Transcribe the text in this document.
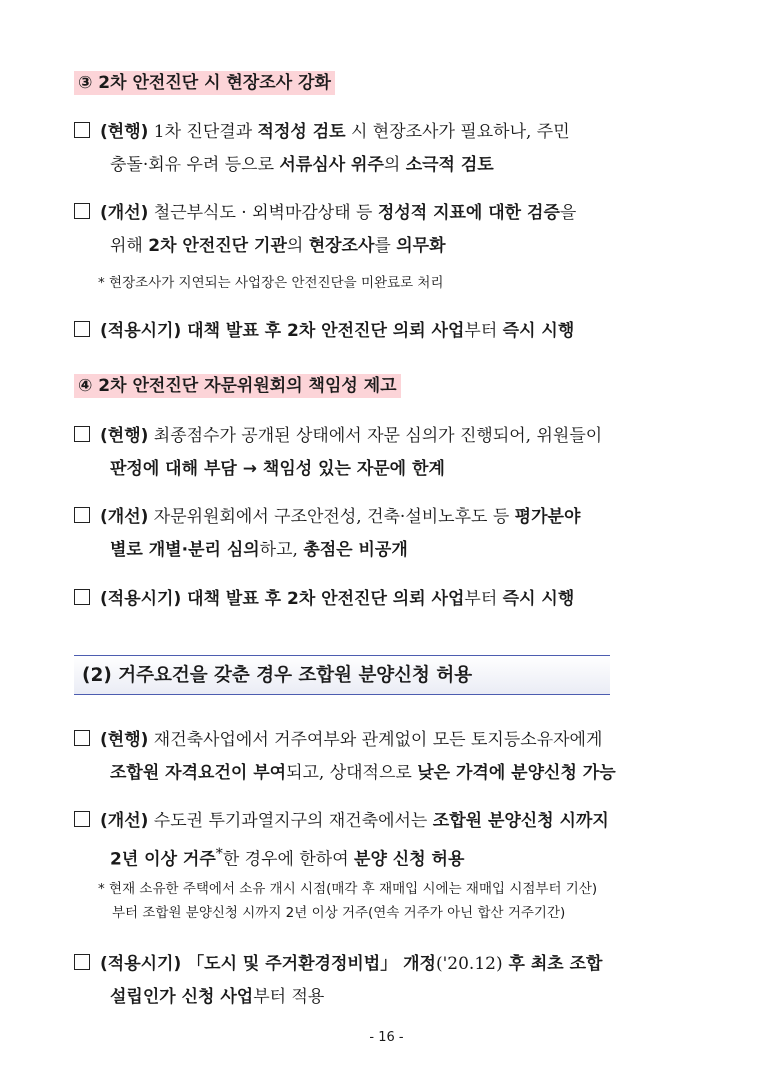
③ 2차 안전진단 시 현장조사 강화
(현행) 1차 진단결과 적정성 검토 시 현장조사가 필요하나, 주민
충돌·회유 우려 등으로 서류심사 위주의 소극적 검토
(개선) 철근부식도 · 외벽마감상태 등 정성적 지표에 대한 검증을
위해 2차 안전진단 기관의 현장조사를 의무화
* 현장조사가 지연되는 사업장은 안전진단을 미완료로 처리
(적용시기) 대책 발표 후 2차 안전진단 의뢰 사업부터 즉시 시행
④ 2차 안전진단 자문위원회의 책임성 제고
(현행) 최종점수가 공개된 상태에서 자문 심의가 진행되어, 위원들이
판정에 대해 부담 → 책임성 있는 자문에 한계
(개선) 자문위원회에서 구조안전성, 건축·설비노후도 등 평가분야
별로 개별·분리 심의하고, 총점은 비공개
(적용시기) 대책 발표 후 2차 안전진단 의뢰 사업부터 즉시 시행
(2) 거주요건을 갖춘 경우 조합원 분양신청 허용
(현행) 재건축사업에서 거주여부와 관계없이 모든 토지등소유자에게
조합원 자격요건이 부여되고, 상대적으로 낮은 가격에 분양신청 가능
(개선) 수도권 투기과열지구의 재건축에서는 조합원 분양신청 시까지
2년 이상 거주*한 경우에 한하여 분양 신청 허용
* 현재 소유한 주택에서 소유 개시 시점(매각 후 재매입 시에는 재매입 시점부터 기산)
부터 조합원 분양신청 시까지 2년 이상 거주(연속 거주가 아닌 합산 거주기간)
(적용시기) 「도시 및 주거환경정비법」 개정('20.12) 후 최초 조합
설립인가 신청 사업부터 적용
- 16 -
